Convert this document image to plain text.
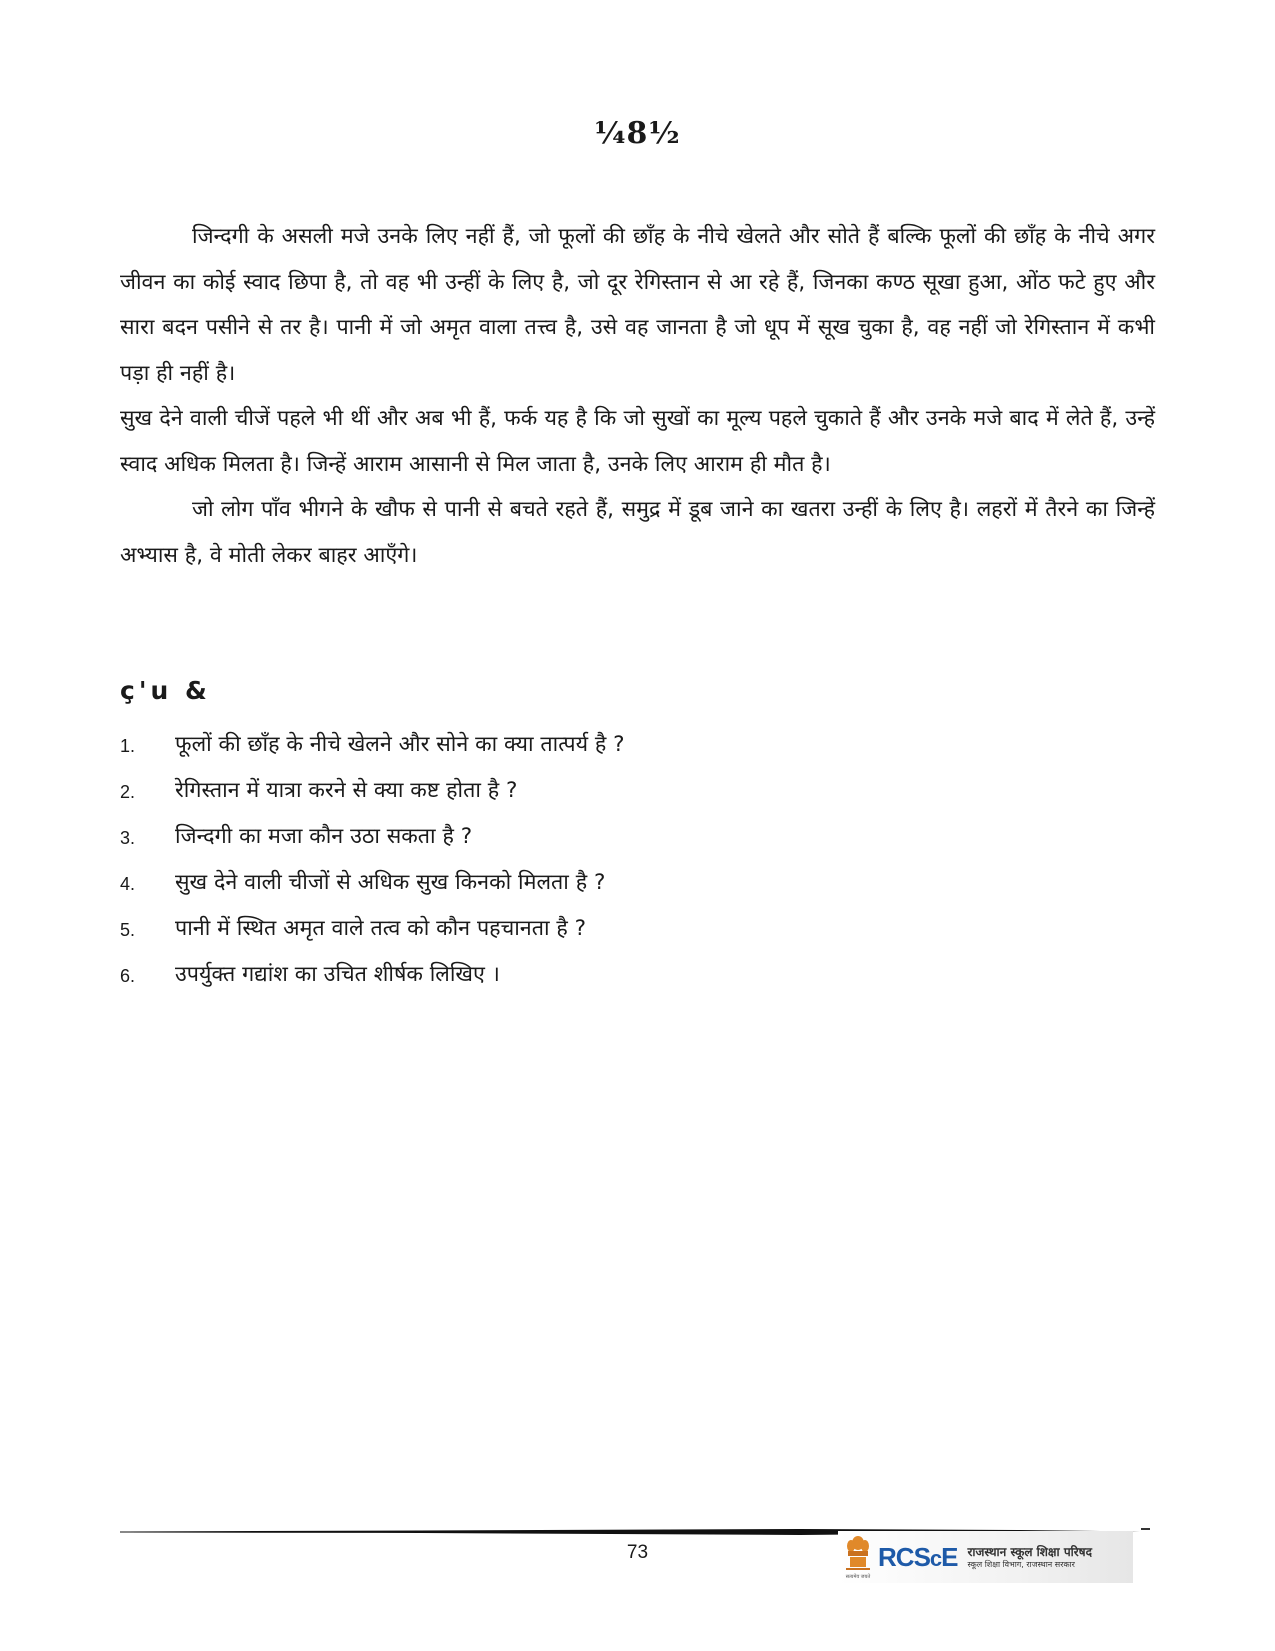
¼8½

जिन्दगी के असली मजे उनके लिए नहीं हैं, जो फूलों की छाँह के नीचे खेलते और सोते हैं बल्कि फूलों की छाँह के नीचे अगर जीवन का कोई स्वाद छिपा है, तो वह भी उन्हीं के लिए है, जो दूर रेगिस्तान से आ रहे हैं, जिनका कण्ठ सूखा हुआ, ओंठ फटे हुए और सारा बदन पसीने से तर है। पानी में जो अमृत वाला तत्त्व है, उसे वह जानता है जो धूप में सूख चुका है, वह नहीं जो रेगिस्तान में कभी पड़ा ही नहीं है।

सुख देने वाली चीजें पहले भी थीं और अब भी हैं, फर्क यह है कि जो सुखों का मूल्य पहले चुकाते हैं और उनके मजे बाद में लेते हैं, उन्हें स्वाद अधिक मिलता है। जिन्हें आराम आसानी से मिल जाता है, उनके लिए आराम ही मौत है।

जो लोग पाँव भीगने के खौफ से पानी से बचते रहते हैं, समुद्र में डूब जाने का खतरा उन्हीं के लिए है। लहरों में तैरने का जिन्हें अभ्यास है, वे मोती लेकर बाहर आएँगे।

ç'u &
1.	फूलों की छाँह के नीचे खेलने और सोने का क्या तात्पर्य है ?
2.	रेगिस्तान में यात्रा करने से क्या कष्ट होता है ?
3.	जिन्दगी का मजा कौन उठा सकता है ?
4.	सुख देने वाली चीजों से अधिक सुख किनको मिलता है ?
5.	पानी में स्थित अमृत वाले तत्व को कौन पहचानता है ?
6.	उपर्युक्त गद्यांश का उचित शीर्षक लिखिए ।
73
सत्यमेव जयते
RCScE राजस्थान स्कूल शिक्षा परिषद
स्कूल शिक्षा विभाग, राजस्थान सरकार
